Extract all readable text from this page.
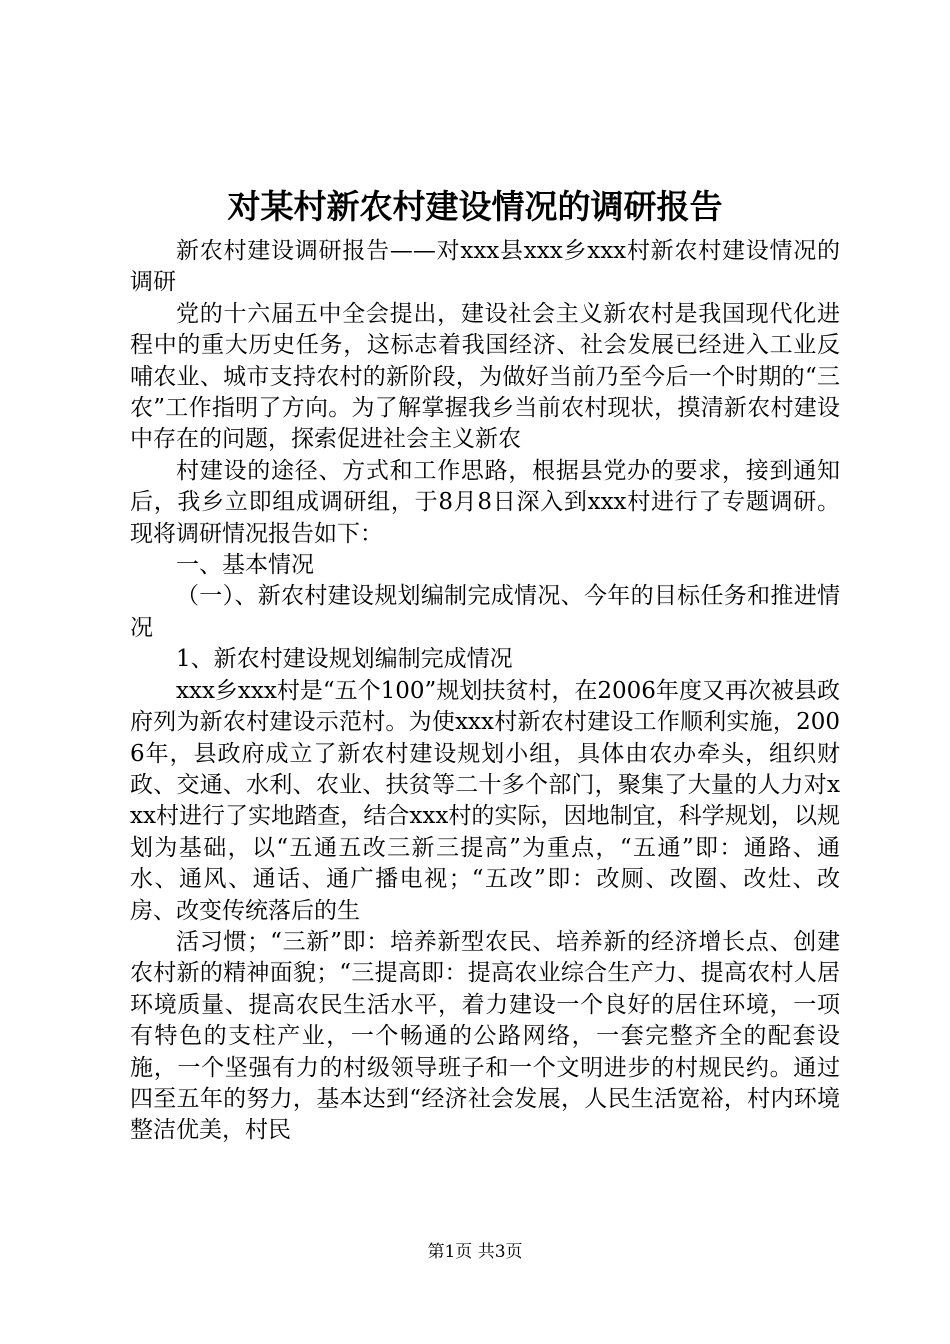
对某村新农村建设情况的调研报告

新农村建设调研报告——对xxx县xxx乡xxx村新农村建设情况的调研

党的十六届五中全会提出，建设社会主义新农村是我国现代化进程中的重大历史任务，这标志着我国经济、社会发展已经进入工业反哺农业、城市支持农村的新阶段，为做好当前乃至今后一个时期的“三农”工作指明了方向。为了解掌握我乡当前农村现状，摸清新农村建设中存在的问题，探索促进社会主义新农

村建设的途径、方式和工作思路，根据县党办的要求，接到通知后，我乡立即组成调研组，于8月8日深入到xxx村进行了专题调研。现将调研情况报告如下：

一、基本情况

（一）、新农村建设规划编制完成情况、今年的目标任务和推进情况

1、新农村建设规划编制完成情况

xxx乡xxx村是“五个100”规划扶贫村，在2006年度又再次被县政府列为新农村建设示范村。为使xxx村新农村建设工作顺利实施，2006年，县政府成立了新农村建设规划小组，具体由农办牵头，组织财政、交通、水利、农业、扶贫等二十多个部门，聚集了大量的人力对xxx村进行了实地踏查，结合xxx村的实际，因地制宜，科学规划，以规划为基础，以“五通五改三新三提高”为重点，“五通”即：通路、通水、通风、通话、通广播电视；“五改”即：改厕、改圈、改灶、改房、改变传统落后的生

活习惯；“三新”即：培养新型农民、培养新的经济增长点、创建农村新的精神面貌；“三提高即：提高农业综合生产力、提高农村人居环境质量、提高农民生活水平，着力建设一个良好的居住环境，一项有特色的支柱产业，一个畅通的公路网络，一套完整齐全的配套设施，一个坚强有力的村级领导班子和一个文明进步的村规民约。通过四至五年的努力，基本达到“经济社会发展，人民生活宽裕，村内环境整洁优美，村民

第1页 共3页
